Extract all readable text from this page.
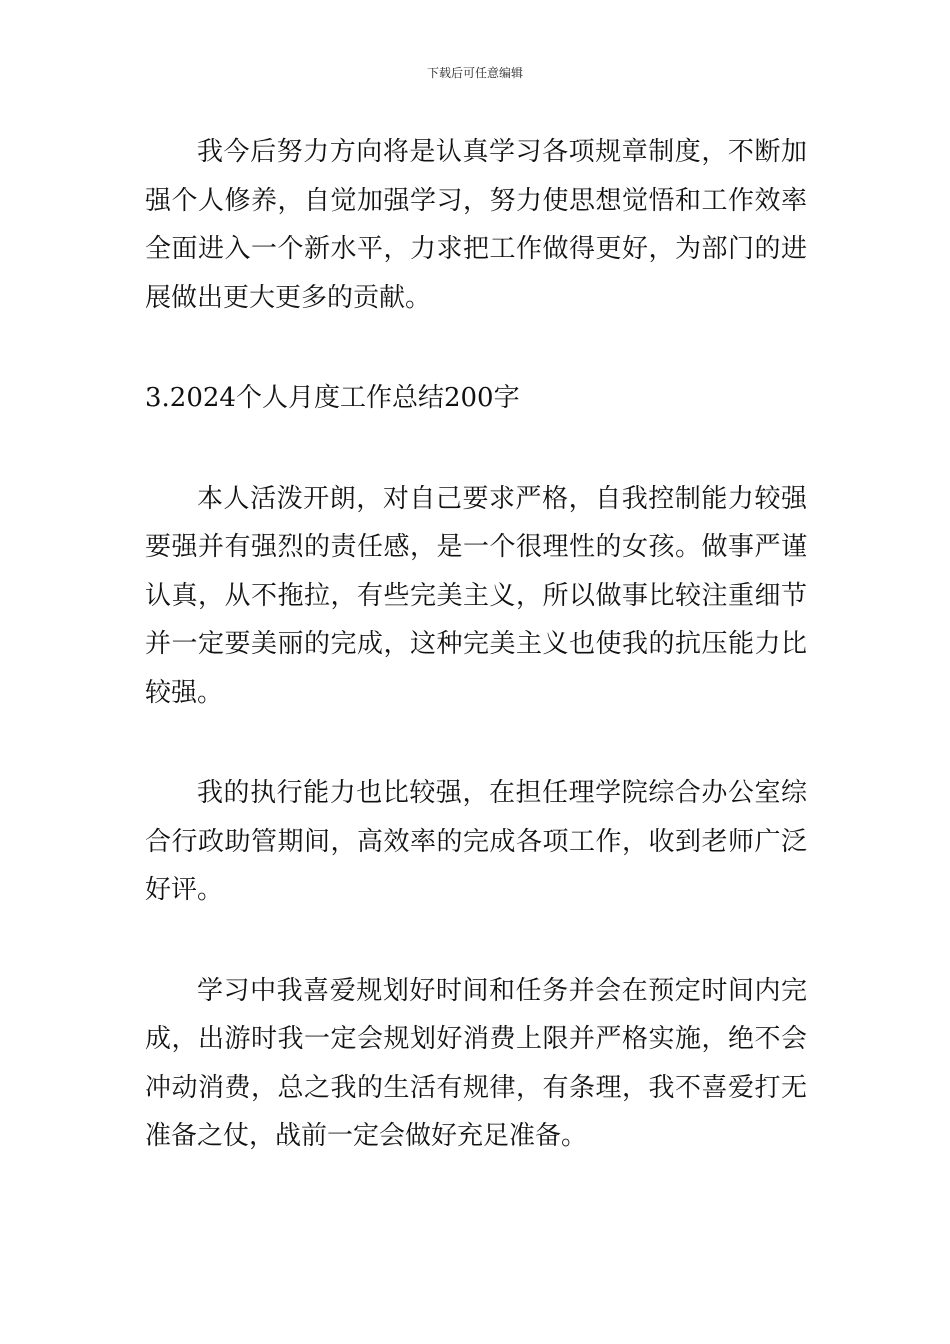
下载后可任意编辑

我今后努力方向将是认真学习各项规章制度，不断加强个人修养，自觉加强学习，努力使思想觉悟和工作效率全面进入一个新水平，力求把工作做得更好，为部门的进展做出更大更多的贡献。

3.2024个人月度工作总结200字

本人活泼开朗，对自己要求严格，自我控制能力较强要强并有强烈的责任感，是一个很理性的女孩。做事严谨认真，从不拖拉，有些完美主义，所以做事比较注重细节并一定要美丽的完成，这种完美主义也使我的抗压能力比较强。

我的执行能力也比较强，在担任理学院综合办公室综合行政助管期间，高效率的完成各项工作，收到老师广泛好评。

学习中我喜爱规划好时间和任务并会在预定时间内完成，出游时我一定会规划好消费上限并严格实施，绝不会冲动消费，总之我的生活有规律，有条理，我不喜爱打无准备之仗，战前一定会做好充足准备。
